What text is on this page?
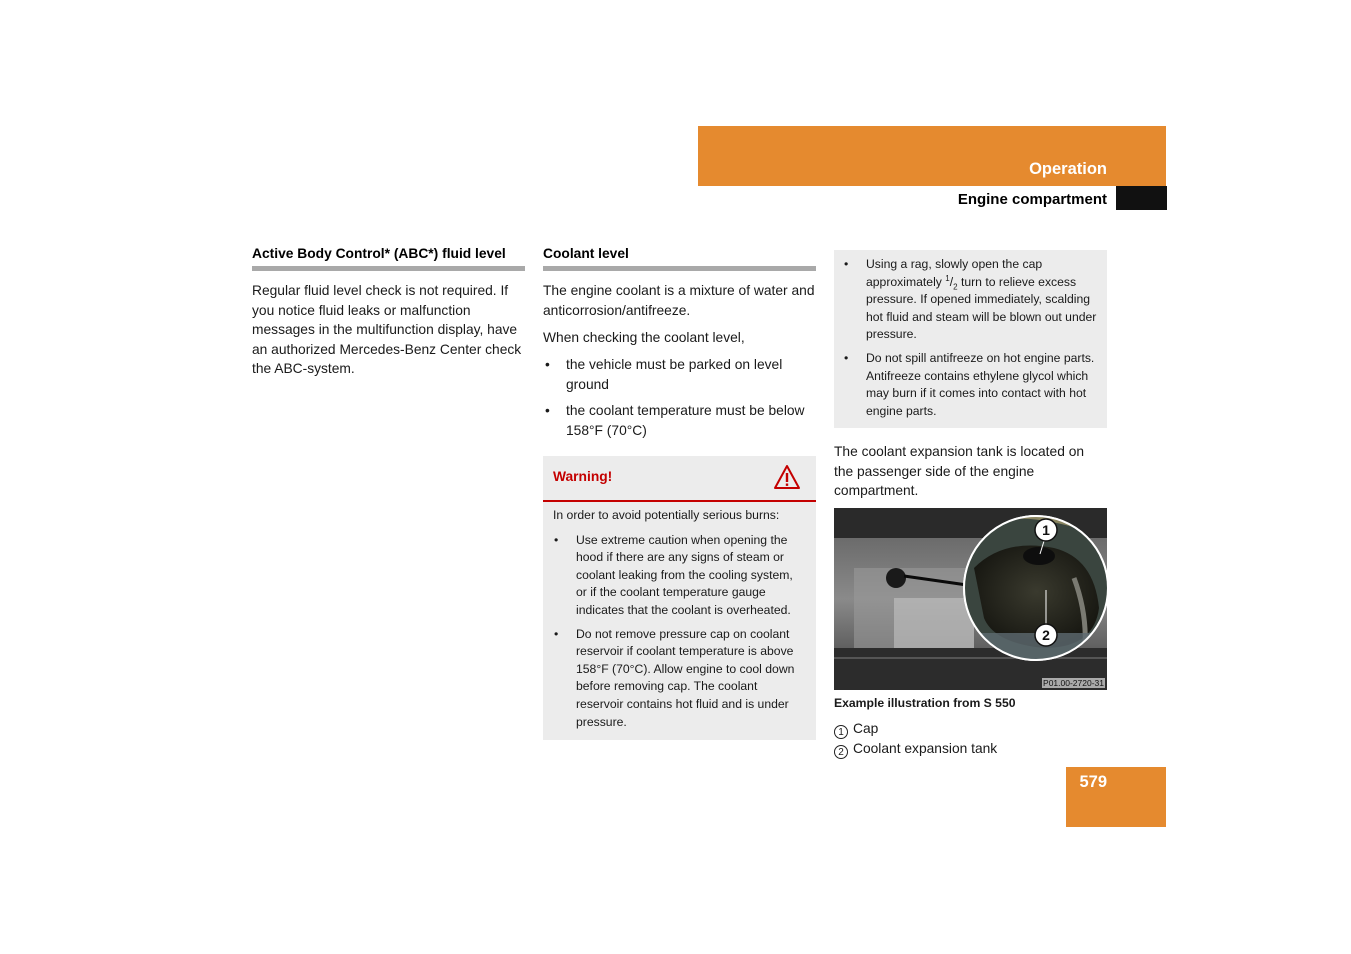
Operation
Engine compartment
Active Body Control* (ABC*) fluid level
Regular fluid level check is not required. If you notice fluid leaks or malfunction messages in the multifunction display, have an authorized Mercedes-Benz Center check the ABC-system.
Coolant level
The engine coolant is a mixture of water and anticorrosion/antifreeze.
When checking the coolant level,
• the vehicle must be parked on level ground
• the coolant temperature must be below 158°F (70°C)
Warning!
In order to avoid potentially serious burns:
• Use extreme caution when opening the hood if there are any signs of steam or coolant leaking from the cooling system, or if the coolant temperature gauge indicates that the coolant is overheated.
• Do not remove pressure cap on coolant reservoir if coolant temperature is above 158°F (70°C). Allow engine to cool down before removing cap. The coolant reservoir contains hot fluid and is under pressure.
• Using a rag, slowly open the cap approximately $^1/_2$ turn to relieve excess pressure. If opened immediately, scalding hot fluid and steam will be blown out under pressure.
• Do not spill antifreeze on hot engine parts. Antifreeze contains ethylene glycol which may burn if it comes into contact with hot engine parts.
The coolant expansion tank is located on the passenger side of the engine compartment.
1
2
P01.00-2720-31
Example illustration from S 550
1 Cap
2 Coolant expansion tank
579
